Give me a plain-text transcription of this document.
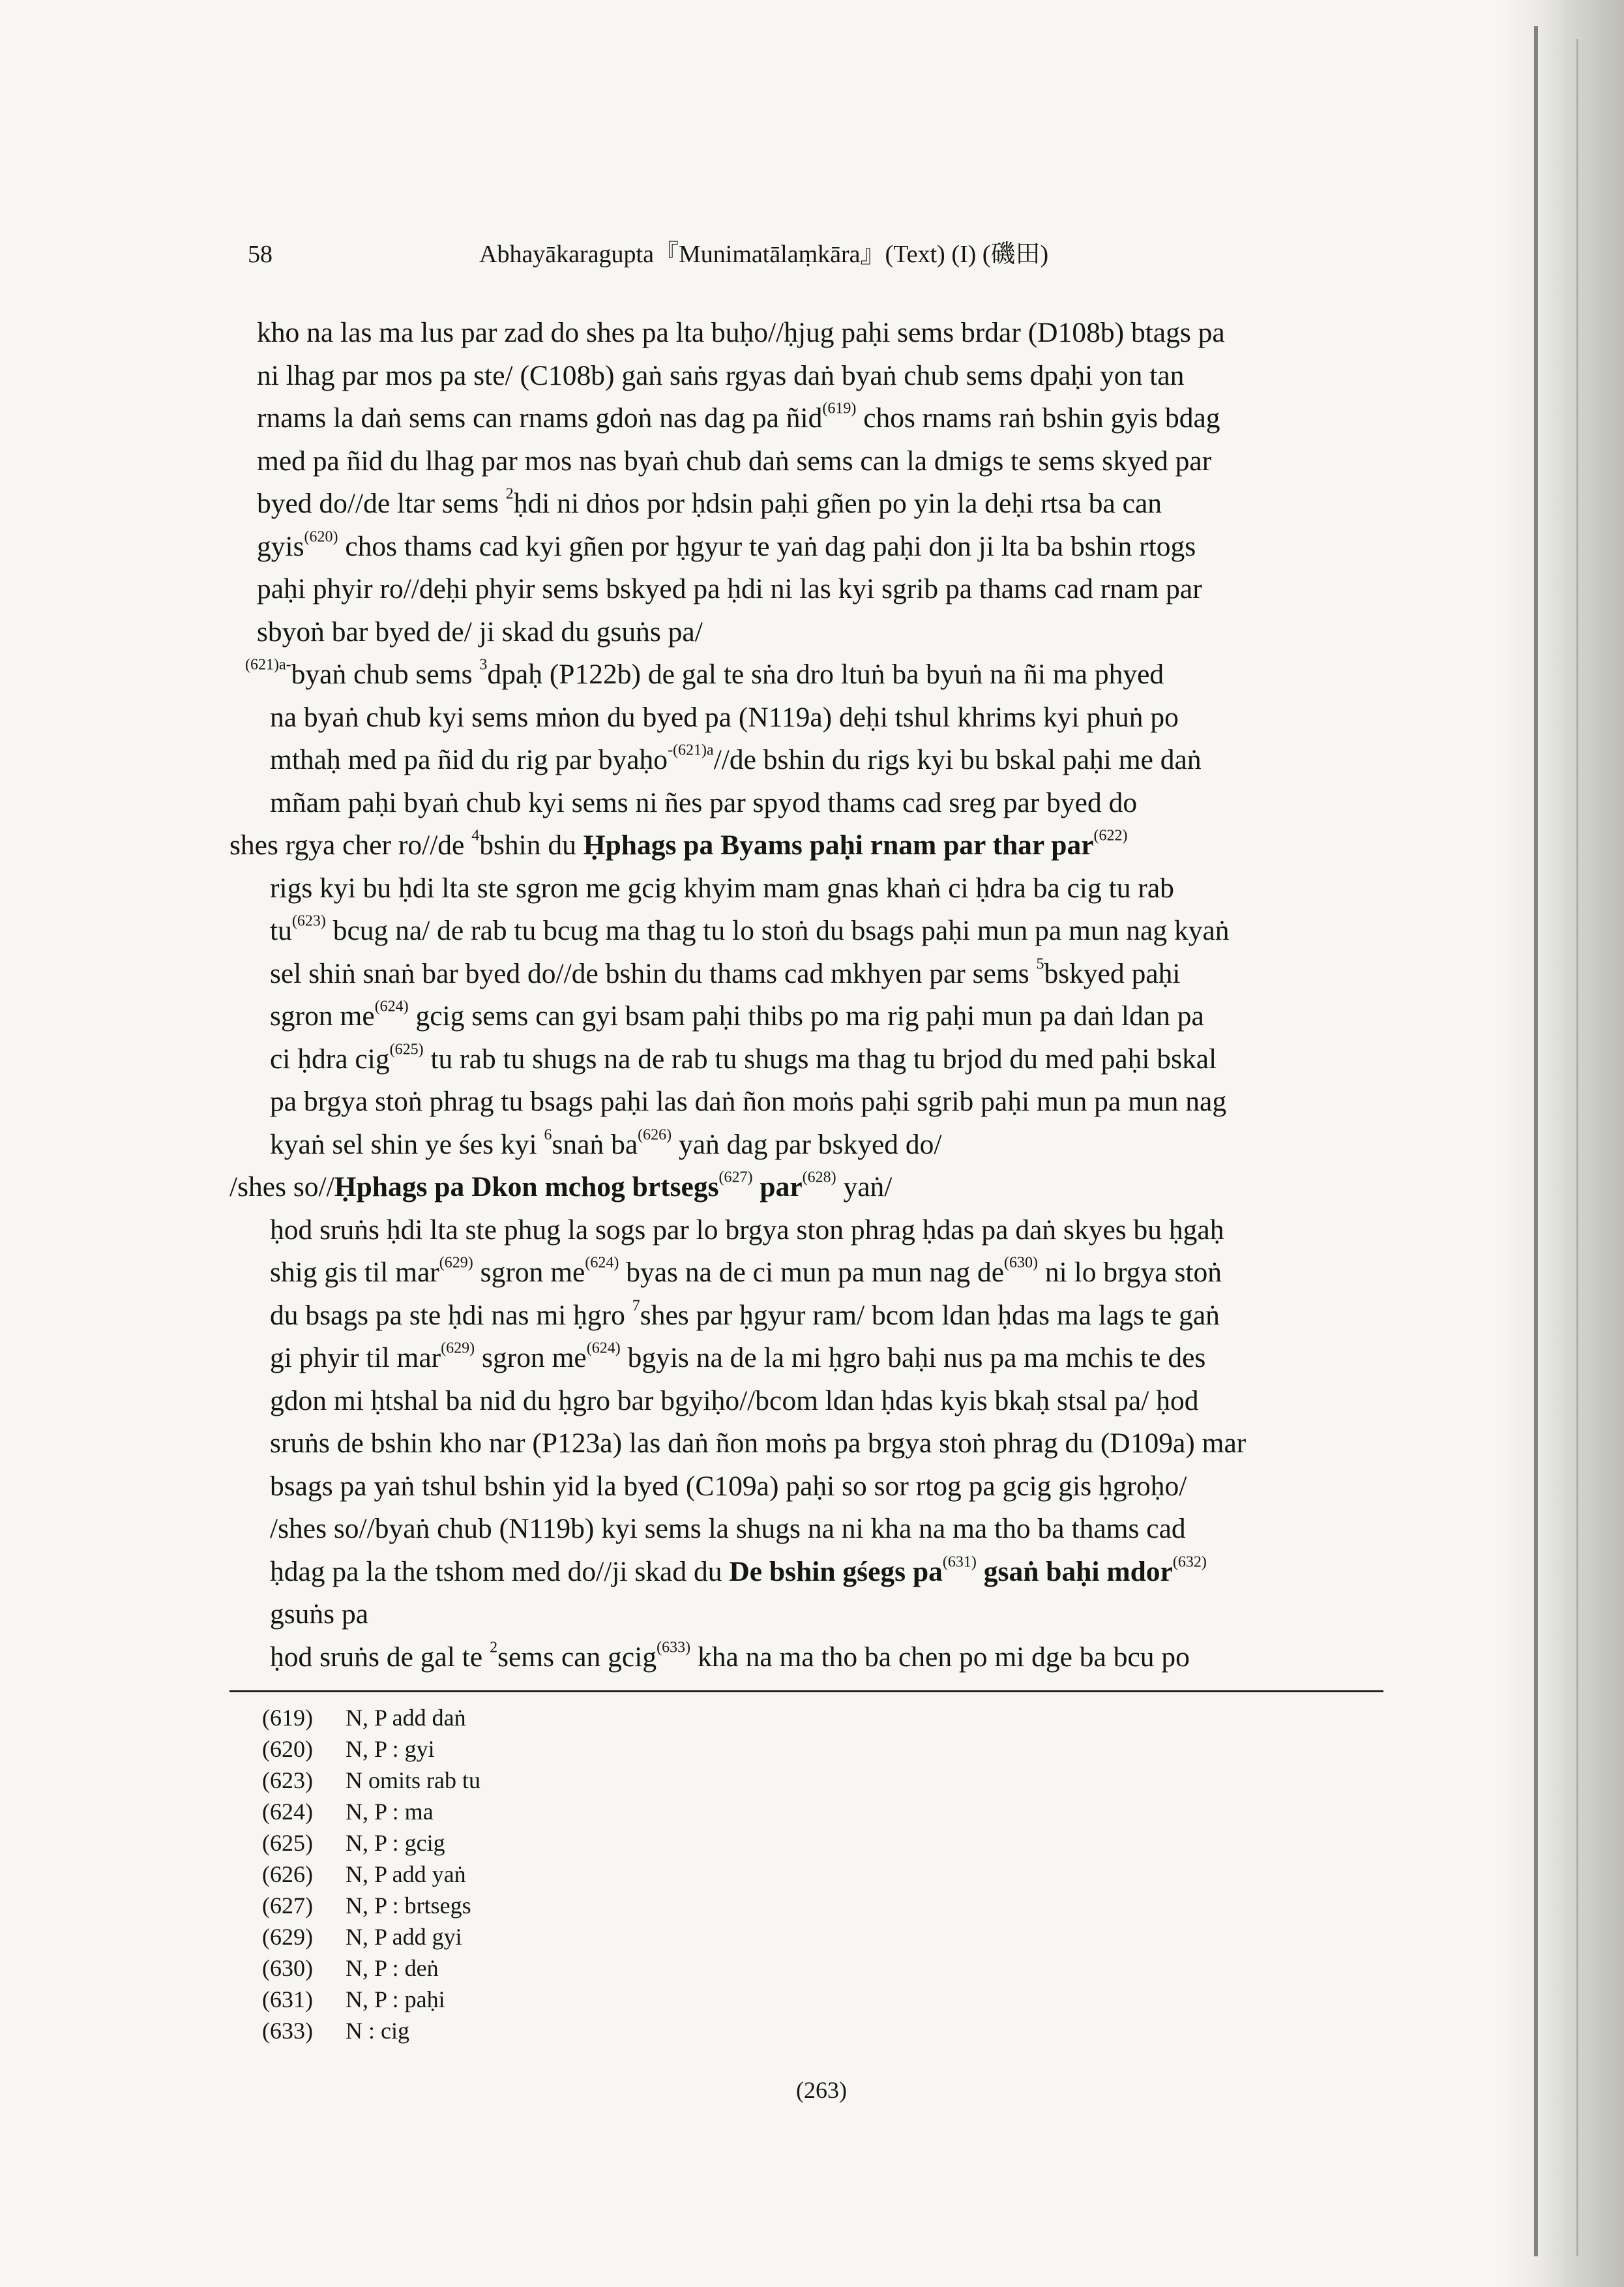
58	Abhayākaragupta『Munimatālaṃkāra』(Text) (I) (磯田)
kho na las ma lus par zad do shes pa lta buḥo//ḥjug paḥi sems brdar (D108b) btags pa
ni lhag par mos pa ste/ (C108b) gaṅ saṅs rgyas daṅ byaṅ chub sems dpaḥi yon tan
rnams la daṅ sems can rnams gdoṅ nas dag pa ñid$^{(619)}$ chos rnams raṅ bshin gyis bdag
med pa ñid du lhag par mos nas byaṅ chub daṅ sems can la dmigs te sems skyed par
byed do//de ltar sems $^2$ḥdi ni dṅos por ḥdsin paḥi gñen po yin la deḥi rtsa ba can
gyis$^{(620)}$ chos thams cad kyi gñen por ḥgyur te yaṅ dag paḥi don ji lta ba bshin rtogs
paḥi phyir ro//deḥi phyir sems bskyed pa ḥdi ni las kyi sgrib pa thams cad rnam par
sbyoṅ bar byed de/ ji skad du gsuṅs pa/
$^{(621)a-}$byaṅ chub sems $^3$dpaḥ (P122b) de gal te sṅa dro ltuṅ ba byuṅ na ñi ma phyed
na byaṅ chub kyi sems mṅon du byed pa (N119a) deḥi tshul khrims kyi phuṅ po
mthaḥ med pa ñid du rig par byaḥo$^{-(621)a}$//de bshin du rigs kyi bu bskal paḥi me daṅ
mñam paḥi byaṅ chub kyi sems ni ñes par spyod thams cad sreg par byed do
shes rgya cher ro//de $^4$bshin du Ḥphags pa Byams paḥi rnam par thar par$^{(622)}$
rigs kyi bu ḥdi lta ste sgron me gcig khyim mam gnas khaṅ ci ḥdra ba cig tu rab
$tu^{(623)}$ bcug na/ de rab tu bcug ma thag tu lo stoṅ du bsags paḥi mun pa mun nag kyaṅ
sel shiṅ snaṅ bar byed do//de bshin du thams cad mkhyen par sems $^5$bskyed paḥi
sgron $me^{(624)}$ gcig sems can gyi bsam paḥi thibs po ma rig paḥi mun pa daṅ ldan pa
ci ḥdra cig$^{(625)}$ tu rab tu shugs na de rab tu shugs ma thag tu brjod du med paḥi bskal
pa brgya stoṅ phrag tu bsags paḥi las daṅ ñon moṅs paḥi sgrib paḥi mun pa mun nag
kyaṅ sel shin ye śes kyi $^6$snaṅ $ba^{(626)}$ yaṅ dag par bskyed do/
/shes so//Ḥphags pa Dkon mchog brtsegs$^{(627)}$ par$^{(628)}$ yaṅ/
ḥod sruṅs ḥdi lta ste phug la sogs par lo brgya ston phrag ḥdas pa daṅ skyes bu ḥgaḥ
shig gis til mar$^{(629)}$ sgron $me^{(624)}$ byas na de ci mun pa mun nag $de^{(630)}$ ni lo brgya stoṅ
du bsags pa ste ḥdi nas mi ḥgro $^7$shes par ḥgyur ram/ bcom ldan ḥdas ma lags te gaṅ
gi phyir til mar$^{(629)}$ sgron $me^{(624)}$ bgyis na de la mi ḥgro baḥi nus pa ma mchis te des
gdon mi ḥtshal ba nid du ḥgro bar bgyiḥo//bcom ldan ḥdas kyis bkaḥ stsal pa/ ḥod
sruṅs de bshin kho nar (P123a) las daṅ ñon moṅs pa brgya stoṅ phrag du (D109a) mar
bsags pa yaṅ tshul bshin yid la byed (C109a) paḥi so sor rtog pa gcig gis ḥgroḥo/
/shes so//byaṅ chub (N119b) kyi sems la shugs na ni kha na ma tho ba thams cad
ḥdag pa la the tshom med do//ji skad du De bshin gśegs $pa^{(631)}$ gsaṅ baḥi mdor$^{(632)}$
gsuṅs pa
ḥod sruṅs de gal te $^2$sems can gcig$^{(633)}$ kha na ma tho ba chen po mi dge ba bcu po
(619) N, P add daṅ
(620) N, P : gyi
(623) N omits rab tu
(624) N, P : ma
(625) N, P : gcig
(626) N, P add yaṅ
(627) N, P : brtsegs
(629) N, P add gyi
(630) N, P : deṅ
(631) N, P : paḥi
(633) N : cig
(263)
